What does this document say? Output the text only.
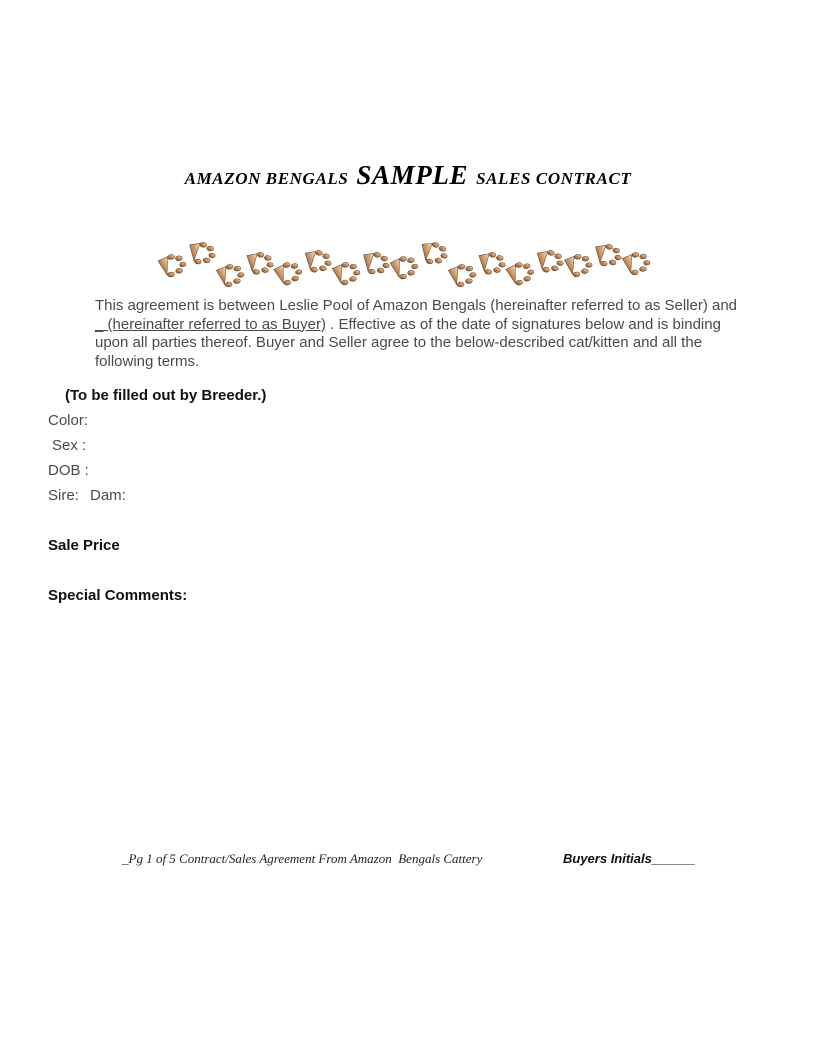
AMAZON BENGALS SAMPLE SALES CONTRACT

This agreement is between Leslie Pool of Amazon Bengals (hereinafter referred to as Seller) and _ (hereinafter referred to as Buyer) . Effective as of the date of signatures below and is binding upon all parties thereof. Buyer and Seller agree to the below-described cat/kitten and all the following terms.

(To be filled out by Breeder.)
Color:
Sex :
DOB :
Sire: Dam:
Sale Price
Special Comments:
_Pg 1 of 5 Contract/Sales Agreement From Amazon  Bengals Cattery	Buyers Initials______
